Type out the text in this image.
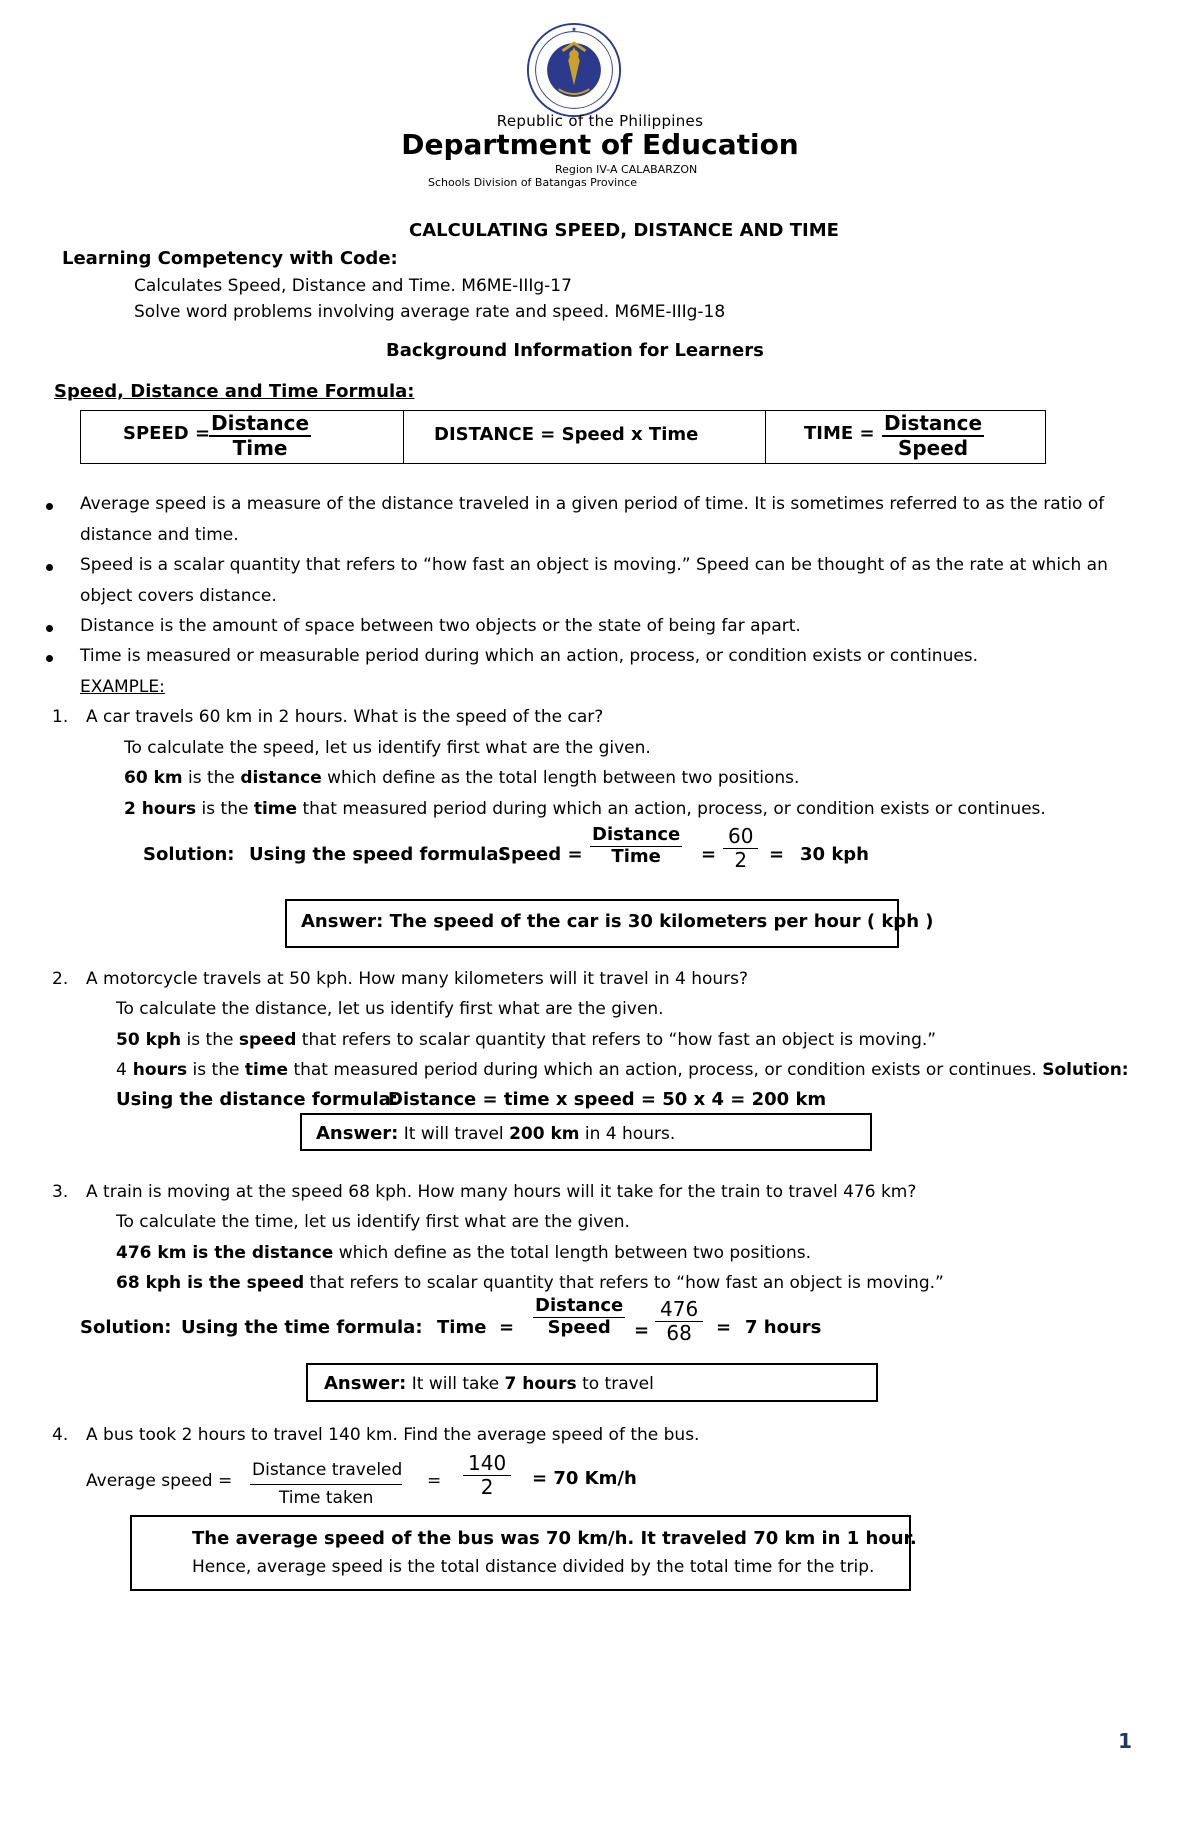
★
Republic of the Philippines
Department of Education
Region IV-A CALABARZON
Schools Division of Batangas Province
CALCULATING SPEED, DISTANCE AND TIME
Learning Competency with Code:
Calculates Speed, Distance and Time. M6ME-IIIg-17
Solve word problems involving average rate and speed. M6ME-IIIg-18
Background Information for Learners
Speed, Distance and Time Formula:
SPEED =
$\frac{\text{Distance}}{\text{Time}}$	DISTANCE = Speed x Time	TIME = $\frac{\text{Distance}}{\text{Speed}}$
Average speed is a measure of the distance traveled in a given period of time. It is sometimes referred to as the ratio of
distance and time.
Speed is a scalar quantity that refers to “how fast an object is moving.” Speed can be thought of as the rate at which an
object covers distance.
Distance is the amount of space between two objects or the state of being far apart.
Time is measured or measurable period during which an action, process, or condition exists or continues.
EXAMPLE:
1. A car travels 60 km in 2 hours. What is the speed of the car?
To calculate the speed, let us identify first what are the given.
60 km is the distance which define as the total length between two positions.
2 hours is the time that measured period during which an action, process, or condition exists or continues.
Solution: Using the speed formula:
Speed = $\frac{\text{Distance}}{\text{Time}} = \frac{60}{2} = 30$ kph
Answer: The speed of the car is 30 kilometers per hour ( kph )
2. A motorcycle travels at 50 kph. How many kilometers will it travel in 4 hours?
To calculate the distance, let us identify first what are the given.
50 kph is the speed that refers to scalar quantity that refers to “how fast an object is moving.”
4 hours is the time that measured period during which an action, process, or condition exists or continues. Solution:
Using the distance formula:
Distance = time x speed = 50 x 4 = 200 km
Answer: It will travel 200 km in 4 hours.
3. A train is moving at the speed 68 kph. How many hours will it take for the train to travel 476 km?
To calculate the time, let us identify first what are the given.
476 km is the distance which define as the total length between two positions.
68 kph is the speed that refers to scalar quantity that refers to “how fast an object is moving.”
Solution: Using the time formula: Time = $\frac{\text{Distance}}{\text{Speed}} = \frac{476}{68} = 7$ hours
Answer: It will take 7 hours to travel
4. A bus took 2 hours to travel 140 km. Find the average speed of the bus.
Average speed = $\frac{\text{Distance traveled}}{\text{Time taken}} = \frac{140}{2} = 70$ Km/h
The average speed of the bus was 70 km/h. It traveled 70 km in 1 hour.
Hence, average speed is the total distance divided by the total time for the trip.
1
